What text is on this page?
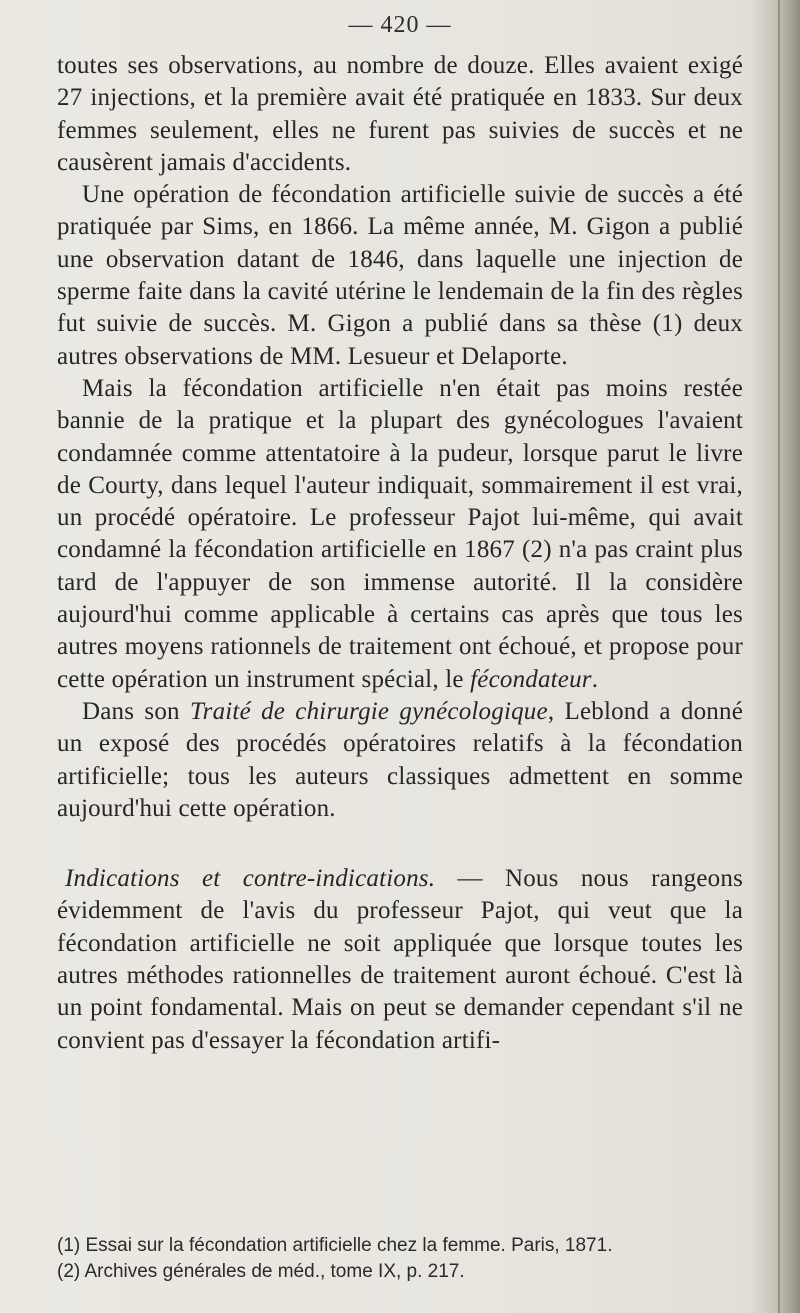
— 420 —

toutes ses observations, au nombre de douze. Elles avaient exigé 27 injections, et la première avait été pratiquée en 1833. Sur deux femmes seulement, elles ne furent pas suivies de succès et ne causèrent jamais d'accidents.

Une opération de fécondation artificielle suivie de succès a été pratiquée par Sims, en 1866. La même année, M. Gigon a publié une observation datant de 1846, dans laquelle une injection de sperme faite dans la cavité utérine le lendemain de la fin des règles fut suivie de succès. M. Gigon a publié dans sa thèse (1) deux autres observations de MM. Lesueur et Delaporte.

Mais la fécondation artificielle n'en était pas moins restée bannie de la pratique et la plupart des gynécologues l'avaient condamnée comme attentatoire à la pudeur, lorsque parut le livre de Courty, dans lequel l'auteur indiquait, sommairement il est vrai, un procédé opératoire. Le professeur Pajot lui-même, qui avait condamné la fécondation artificielle en 1867 (2) n'a pas craint plus tard de l'appuyer de son immense autorité. Il la considère aujourd'hui comme applicable à certains cas après que tous les autres moyens rationnels de traitement ont échoué, et propose pour cette opération un instrument spécial, le fécondateur.

Dans son Traité de chirurgie gynécologique, Leblond a donné un exposé des procédés opératoires relatifs à la fécondation artificielle; tous les auteurs classiques admettent en somme aujourd'hui cette opération.

Indications et contre-indications. — Nous nous rangeons évidemment de l'avis du professeur Pajot, qui veut que la fécondation artificielle ne soit appliquée que lorsque toutes les autres méthodes rationnelles de traitement auront échoué. C'est là un point fondamental. Mais on peut se demander cependant s'il ne convient pas d'essayer la fécondation artifi-

(1) Essai sur la fécondation artificielle chez la femme. Paris, 1871.
(2) Archives générales de méd., tome IX, p. 217.
